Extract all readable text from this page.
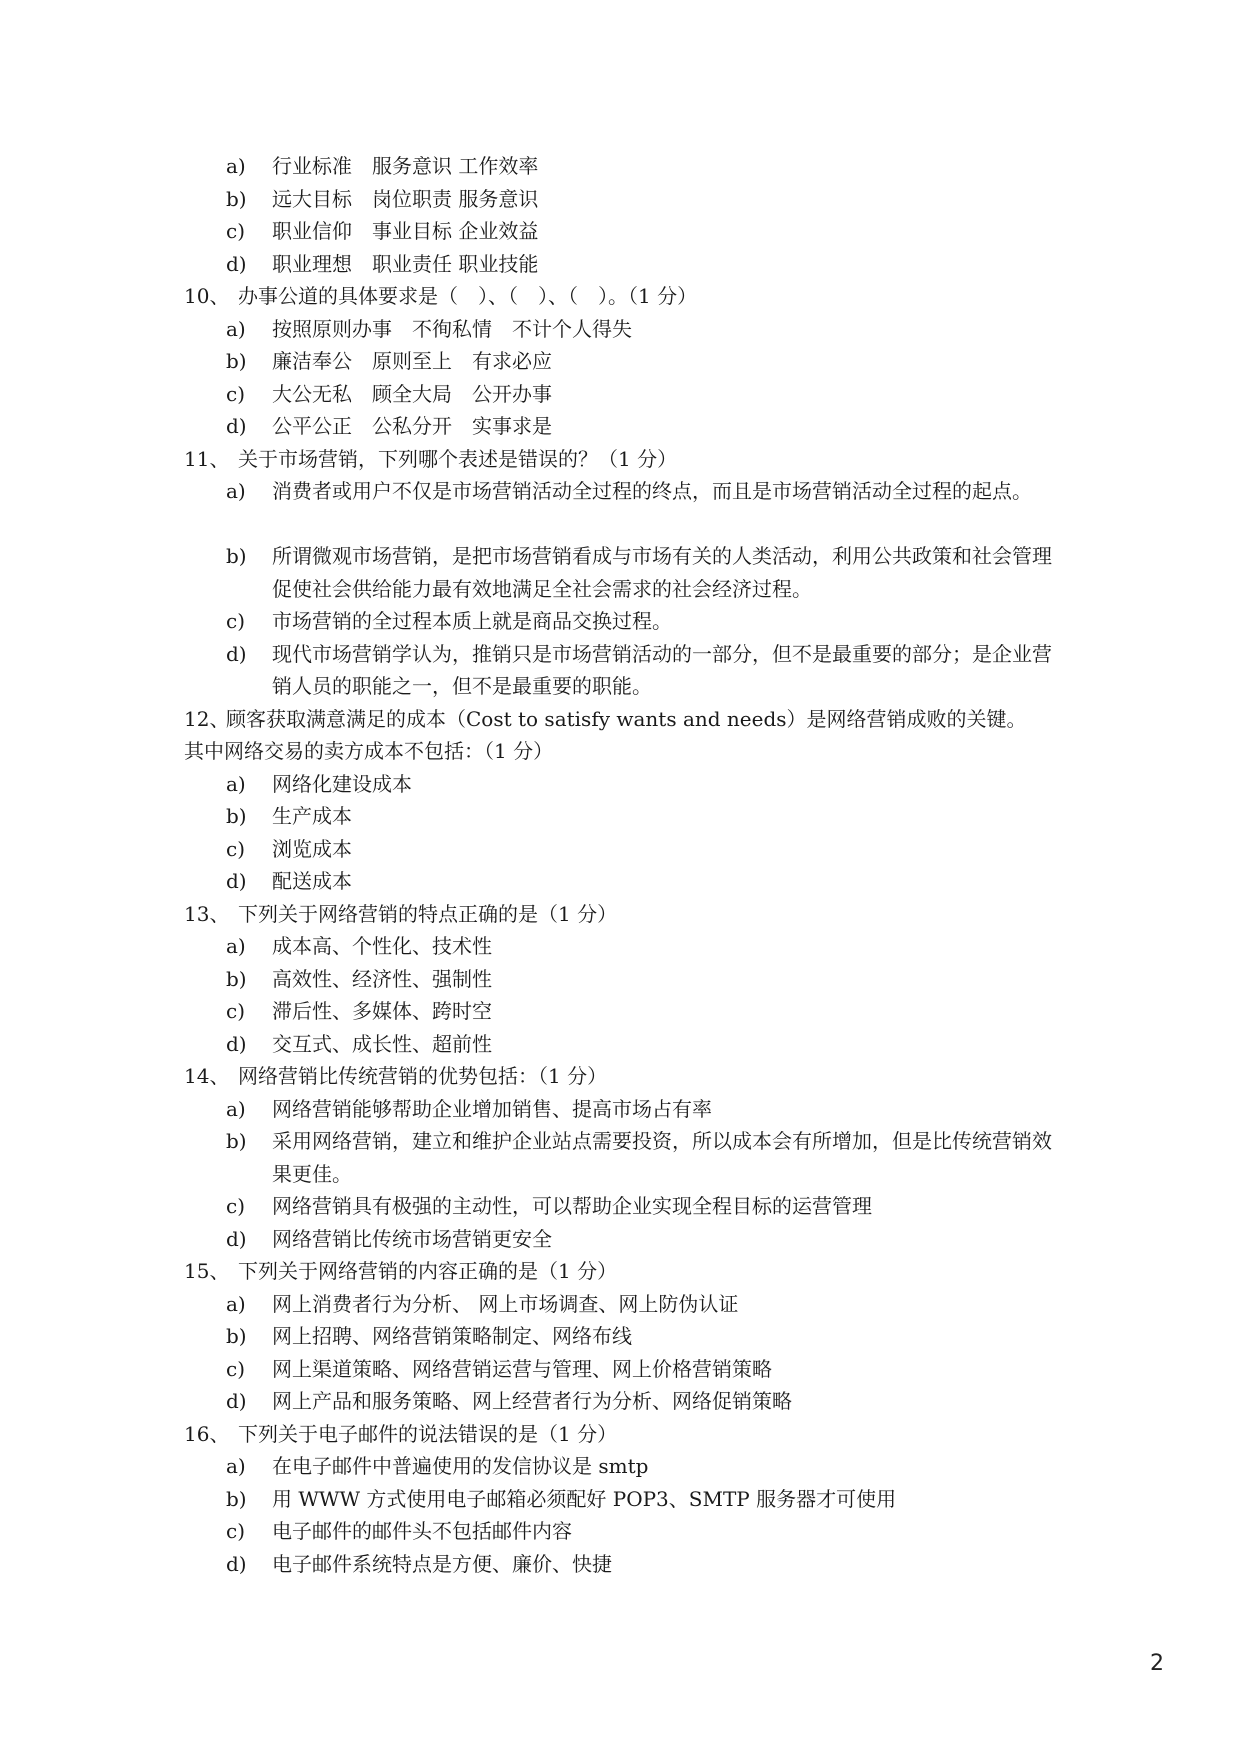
a) 行业标准　服务意识 工作效率
b) 远大目标　岗位职责 服务意识
c) 职业信仰　事业目标 企业效益
d) 职业理想　职业责任 职业技能
10、 办事公道的具体要求是（　）、（　）、（　）。（1 分）
a) 按照原则办事　不徇私情　不计个人得失
b) 廉洁奉公　原则至上　有求必应
c) 大公无私　顾全大局　公开办事
d) 公平公正　公私分开　实事求是
11、 关于市场营销，下列哪个表述是错误的？（1 分）
a) 消费者或用户不仅是市场营销活动全过程的终点，而且是市场营销活动全过程的起点。
b) 所谓微观市场营销，是把市场营销看成与市场有关的人类活动，利用公共政策和社会管理促使社会供给能力最有效地满足全社会需求的社会经济过程。
c) 市场营销的全过程本质上就是商品交换过程。
d) 现代市场营销学认为，推销只是市场营销活动的一部分，但不是最重要的部分；是企业营销人员的职能之一，但不是最重要的职能。
12、
顾客获取满意满足的成本（Cost to satisfy wants and needs）是网络营销成败的关键。
其中网络交易的卖方成本不包括：（1 分）
a) 网络化建设成本
b) 生产成本
c) 浏览成本
d) 配送成本
13、 下列关于网络营销的特点正确的是（1 分）
a) 成本高、个性化、技术性
b) 高效性、经济性、强制性
c) 滞后性、多媒体、跨时空
d) 交互式、成长性、超前性
14、 网络营销比传统营销的优势包括：（1 分）
a) 网络营销能够帮助企业增加销售、提高市场占有率
b) 采用网络营销，建立和维护企业站点需要投资，所以成本会有所增加，但是比传统营销效果更佳。
c) 网络营销具有极强的主动性，可以帮助企业实现全程目标的运营管理
d) 网络营销比传统市场营销更安全
15、 下列关于网络营销的内容正确的是（1 分）
a) 网上消费者行为分析、 网上市场调查、网上防伪认证
b) 网上招聘、网络营销策略制定、网络布线
c) 网上渠道策略、网络营销运营与管理、网上价格营销策略
d) 网上产品和服务策略、网上经营者行为分析、网络促销策略
16、 下列关于电子邮件的说法错误的是（1 分）
a) 在电子邮件中普遍使用的发信协议是 smtp
b) 用 WWW 方式使用电子邮箱必须配好 POP3、SMTP 服务器才可使用
c) 电子邮件的邮件头不包括邮件内容
d) 电子邮件系统特点是方便、廉价、快捷
2
